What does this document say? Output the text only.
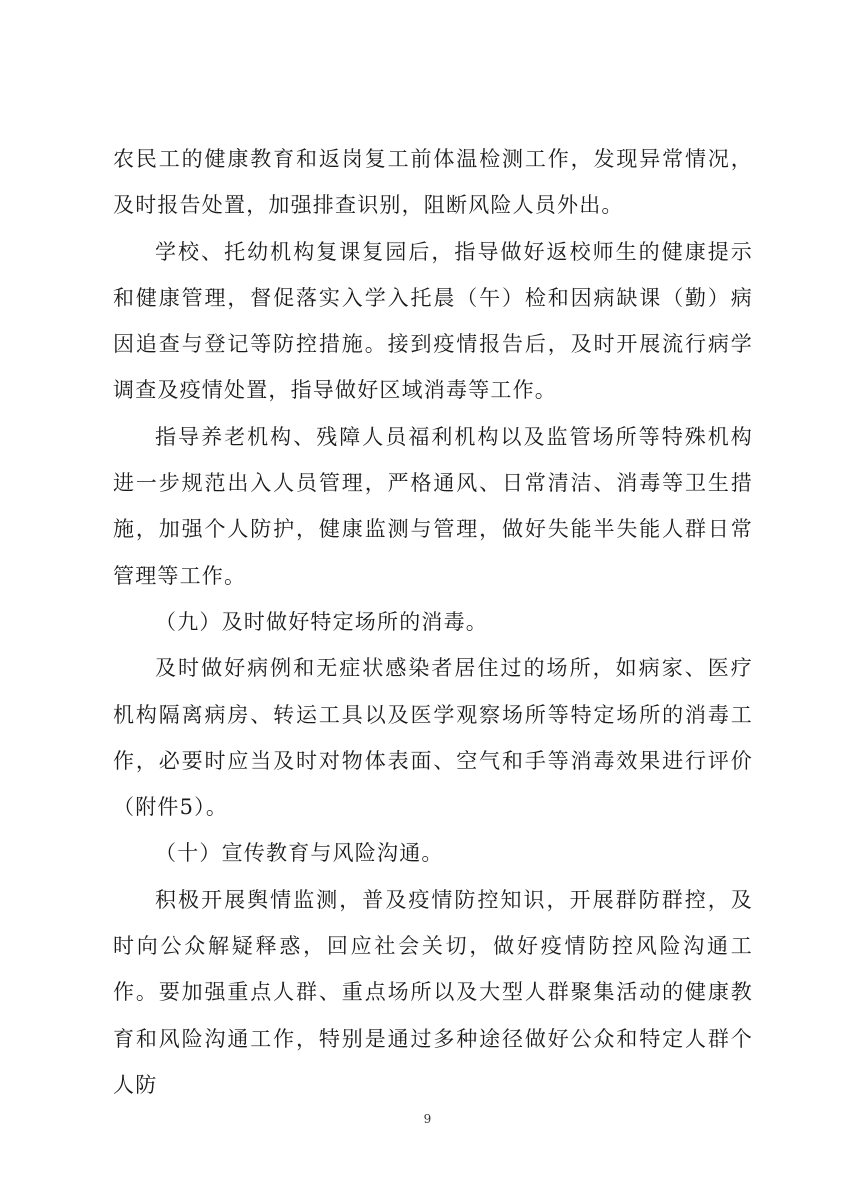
农民工的健康教育和返岗复工前体温检测工作，发现异常情况，及时报告处置，加强排查识别，阻断风险人员外出。

学校、托幼机构复课复园后，指导做好返校师生的健康提示和健康管理，督促落实入学入托晨（午）检和因病缺课（勤）病因追查与登记等防控措施。接到疫情报告后，及时开展流行病学调查及疫情处置，指导做好区域消毒等工作。

指导养老机构、残障人员福利机构以及监管场所等特殊机构进一步规范出入人员管理，严格通风、日常清洁、消毒等卫生措施，加强个人防护，健康监测与管理，做好失能半失能人群日常管理等工作。

（九）及时做好特定场所的消毒。

及时做好病例和无症状感染者居住过的场所，如病家、医疗机构隔离病房、转运工具以及医学观察场所等特定场所的消毒工作，必要时应当及时对物体表面、空气和手等消毒效果进行评价（附件5）。

（十）宣传教育与风险沟通。

积极开展舆情监测，普及疫情防控知识，开展群防群控，及时向公众解疑释惑，回应社会关切，做好疫情防控风险沟通工作。要加强重点人群、重点场所以及大型人群聚集活动的健康教育和风险沟通工作，特别是通过多种途径做好公众和特定人群个人防

9
